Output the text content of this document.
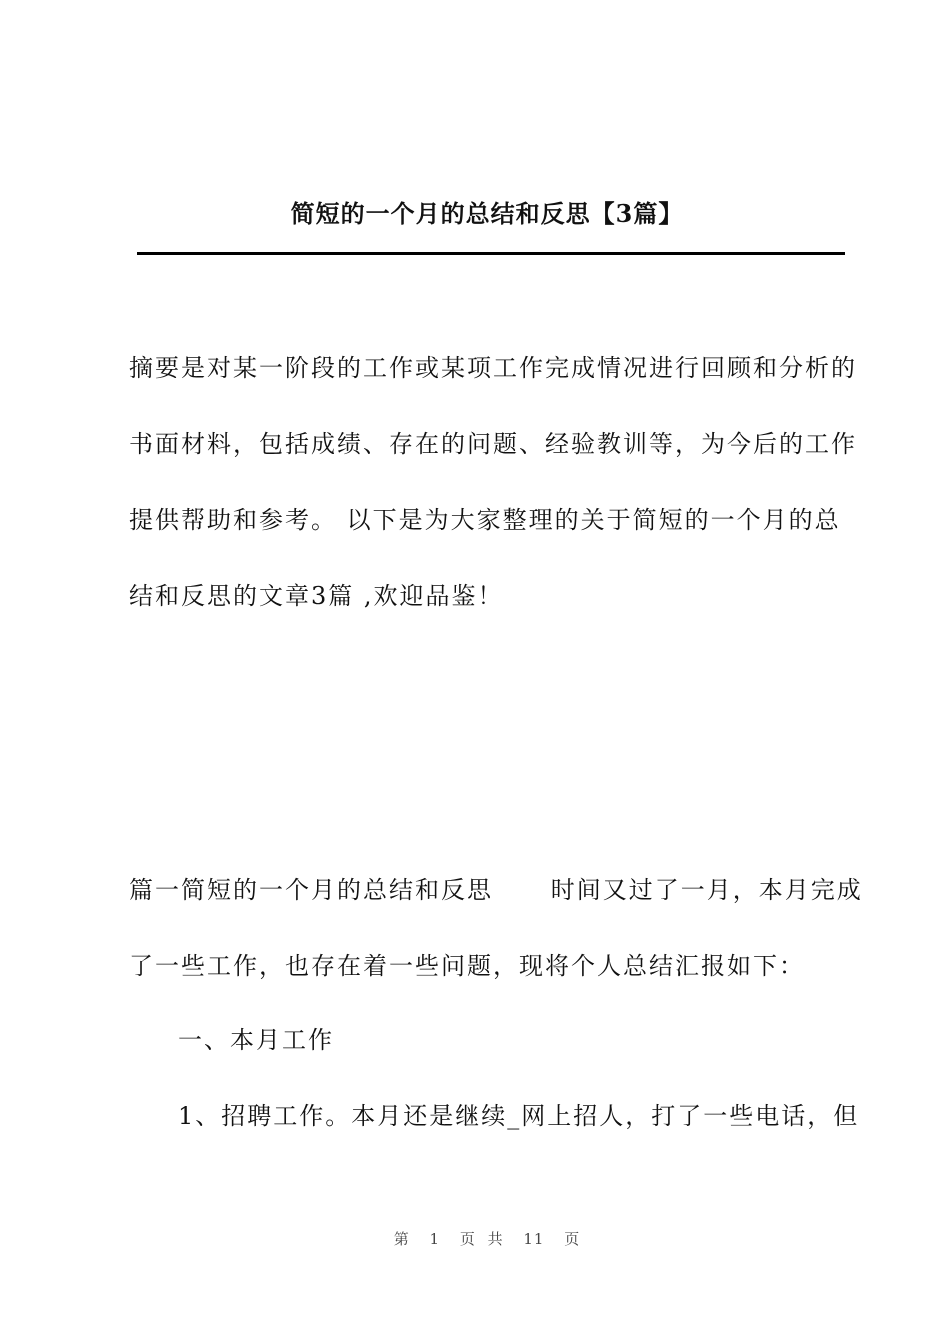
简短的一个月的总结和反思【3篇】
摘要是对某一阶段的工作或某项工作完成情况进行回顾和分析的
书面材料，包括成绩、存在的问题、经验教训等，为今后的工作
提供帮助和参考。 以下是为大家整理的关于简短的一个月的总
结和反思的文章3篇 ,欢迎品鉴！
篇一简短的一个月的总结和反思      时间又过了一月，本月完成
了一些工作，也存在着一些问题，现将个人总结汇报如下：
一、本月工作
1、招聘工作。本月还是继续_网上招人，打了一些电话，但
第 1 页 共 11 页
